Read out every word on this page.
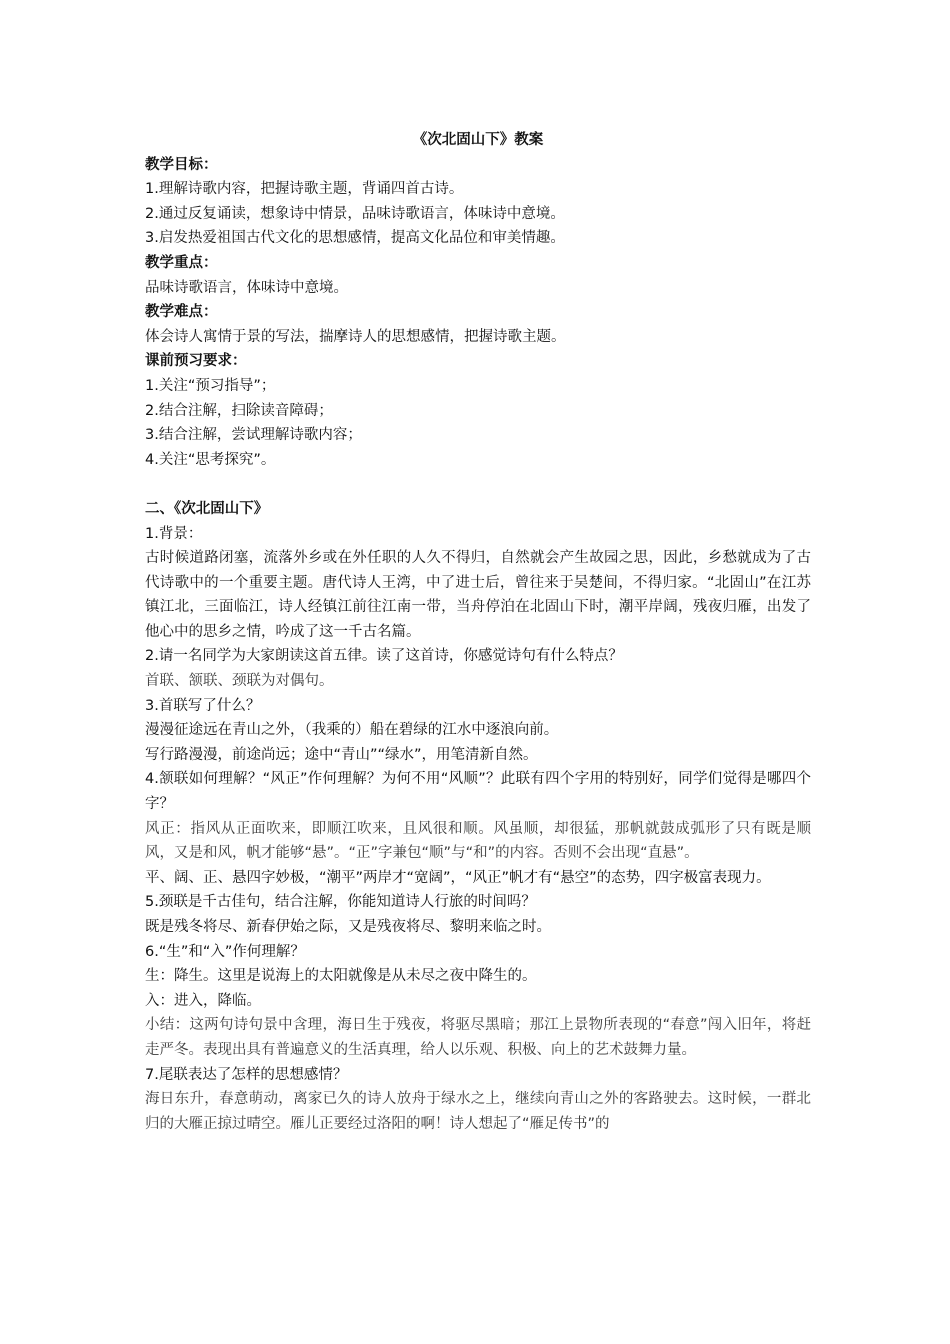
《次北固山下》教案

教学目标：

1.理解诗歌内容，把握诗歌主题，背诵四首古诗。

2.通过反复诵读，想象诗中情景，品味诗歌语言，体味诗中意境。

3.启发热爱祖国古代文化的思想感情，提高文化品位和审美情趣。

教学重点：

品味诗歌语言，体味诗中意境。

教学难点：

体会诗人寓情于景的写法，揣摩诗人的思想感情，把握诗歌主题。

课前预习要求：

1.关注“预习指导”；

2.结合注解，扫除读音障碍；

3.结合注解，尝试理解诗歌内容；

4.关注“思考探究”。

二、《次北固山下》

1.背景：

古时候道路闭塞，流落外乡或在外任职的人久不得归，自然就会产生故园之思，因此，乡愁就成为了古代诗歌中的一个重要主题。唐代诗人王湾，中了进士后，曾往来于吴楚间，不得归家。“北固山”在江苏镇江北，三面临江，诗人经镇江前往江南一带，当舟停泊在北固山下时，潮平岸阔，残夜归雁，出发了他心中的思乡之情，吟成了这一千古名篇。

2.请一名同学为大家朗读这首五律。读了这首诗，你感觉诗句有什么特点？

首联、颔联、颈联为对偶句。

3.首联写了什么？

漫漫征途远在青山之外，（我乘的）船在碧绿的江水中逐浪向前。

写行路漫漫，前途尚远；途中“青山”“绿水”，用笔清新自然。

4.颔联如何理解？“风正”作何理解？为何不用“风顺”？此联有四个字用的特别好，同学们觉得是哪四个字？

风正：指风从正面吹来，即顺江吹来，且风很和顺。风虽顺，却很猛，那帆就鼓成弧形了只有既是顺风，又是和风，帆才能够“悬”。“正”字兼包“顺”与“和”的内容。否则不会出现“直悬”。

平、阔、正、悬四字妙极，“潮平”两岸才“宽阔”，“风正”帆才有“悬空”的态势，四字极富表现力。

5.颈联是千古佳句，结合注解，你能知道诗人行旅的时间吗？

既是残冬将尽、新春伊始之际，又是残夜将尽、黎明来临之时。

6.“生”和“入”作何理解？

生：降生。这里是说海上的太阳就像是从未尽之夜中降生的。

入：进入，降临。

小结：这两句诗句景中含理，海日生于残夜，将驱尽黑暗；那江上景物所表现的“春意”闯入旧年，将赶走严冬。表现出具有普遍意义的生活真理，给人以乐观、积极、向上的艺术鼓舞力量。

7.尾联表达了怎样的思想感情？

海日东升，春意萌动，离家已久的诗人放舟于绿水之上，继续向青山之外的客路驶去。这时候，一群北归的大雁正掠过晴空。雁儿正要经过洛阳的啊！诗人想起了“雁足传书”的
